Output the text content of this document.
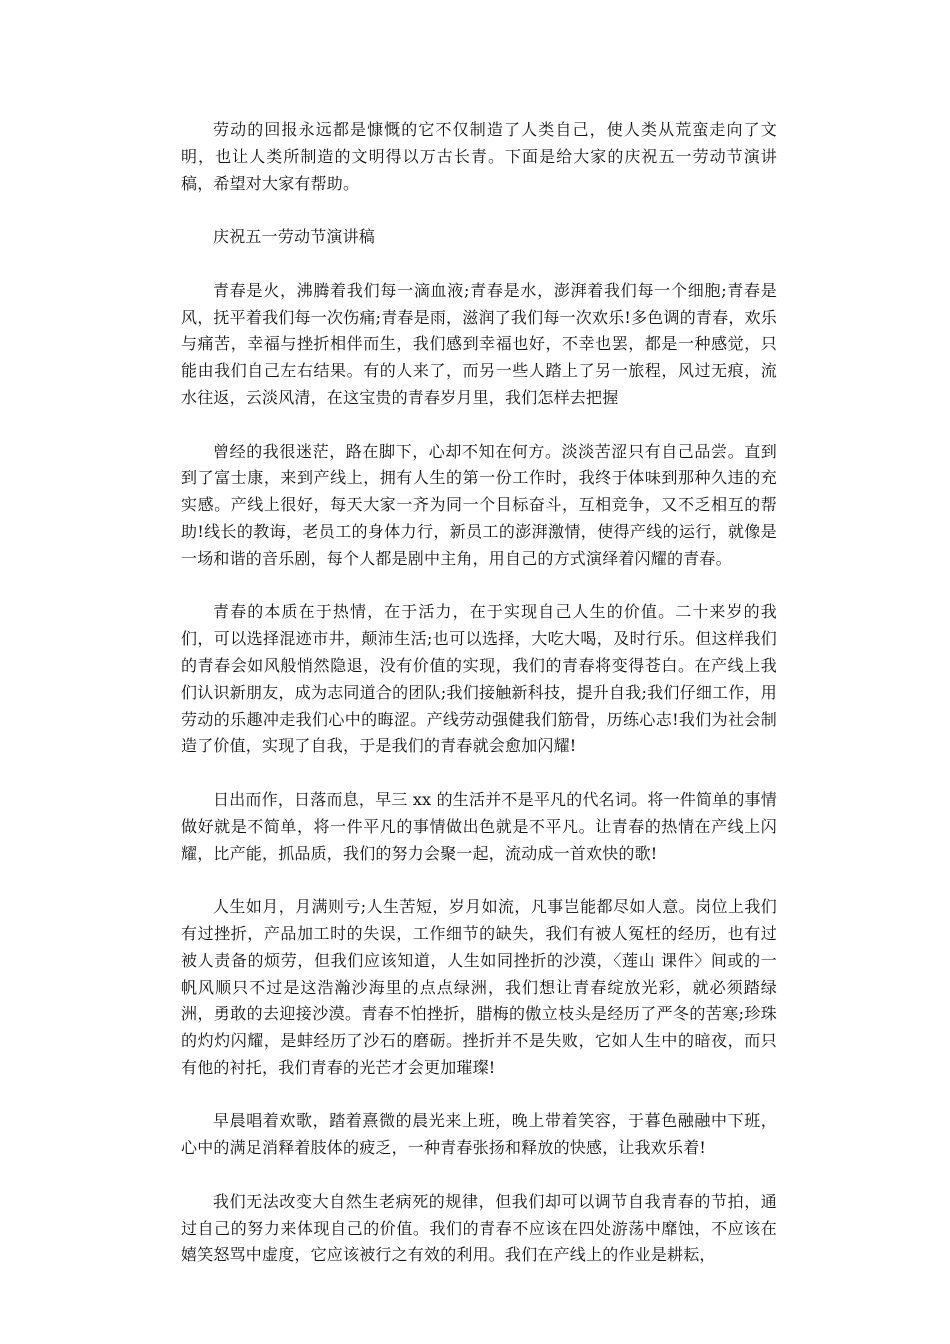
劳动的回报永远都是慷慨的它不仅制造了人类自己，使人类从荒蛮走向了文明，也让人类所制造的文明得以万古长青。下面是给大家的庆祝五一劳动节演讲稿，希望对大家有帮助。

庆祝五一劳动节演讲稿

青春是火，沸腾着我们每一滴血液;青春是水，澎湃着我们每一个细胞;青春是风，抚平着我们每一次伤痛;青春是雨，滋润了我们每一次欢乐!多色调的青春，欢乐与痛苦，幸福与挫折相伴而生，我们感到幸福也好，不幸也罢，都是一种感觉，只能由我们自己左右结果。有的人来了，而另一些人踏上了另一旅程，风过无痕，流水往返，云淡风清，在这宝贵的青春岁月里，我们怎样去把握

曾经的我很迷茫，路在脚下，心却不知在何方。淡淡苦涩只有自己品尝。直到到了富士康，来到产线上，拥有人生的第一份工作时，我终于体味到那种久违的充实感。产线上很好，每天大家一齐为同一个目标奋斗，互相竞争，又不乏相互的帮助!线长的教诲，老员工的身体力行，新员工的澎湃激情，使得产线的运行，就像是一场和谐的音乐剧，每个人都是剧中主角，用自己的方式演绎着闪耀的青春。

青春的本质在于热情，在于活力，在于实现自己人生的价值。二十来岁的我们，可以选择混迹市井，颠沛生活;也可以选择，大吃大喝，及时行乐。但这样我们的青春会如风般悄然隐退，没有价值的实现，我们的青春将变得苍白。在产线上我们认识新朋友，成为志同道合的团队;我们接触新科技，提升自我;我们仔细工作，用劳动的乐趣冲走我们心中的晦涩。产线劳动强健我们筋骨，历练心志!我们为社会制造了价值，实现了自我，于是我们的青春就会愈加闪耀!

日出而作，日落而息，早三 xx 的生活并不是平凡的代名词。将一件简单的事情做好就是不简单，将一件平凡的事情做出色就是不平凡。让青春的热情在产线上闪耀，比产能，抓品质，我们的努力会聚一起，流动成一首欢快的歌!

人生如月，月满则亏;人生苦短，岁月如流，凡事岂能都尽如人意。岗位上我们有过挫折，产品加工时的失误，工作细节的缺失，我们有被人冤枉的经历，也有过被人责备的烦劳，但我们应该知道，人生如同挫折的沙漠，〈莲山 课件〉间或的一帆风顺只不过是这浩瀚沙海里的点点绿洲，我们想让青春绽放光彩，就必须踏绿洲，勇敢的去迎接沙漠。青春不怕挫折，腊梅的傲立枝头是经历了严冬的苦寒;珍珠的灼灼闪耀，是蚌经历了沙石的磨砺。挫折并不是失败，它如人生中的暗夜，而只有他的衬托，我们青春的光芒才会更加璀璨!

早晨唱着欢歌，踏着熹微的晨光来上班，晚上带着笑容，于暮色融融中下班，心中的满足消释着肢体的疲乏，一种青春张扬和释放的快感，让我欢乐着!

我们无法改变大自然生老病死的规律，但我们却可以调节自我青春的节拍，通过自己的努力来体现自己的价值。我们的青春不应该在四处游荡中靡蚀，不应该在嬉笑怒骂中虚度，它应该被行之有效的利用。我们在产线上的作业是耕耘，
